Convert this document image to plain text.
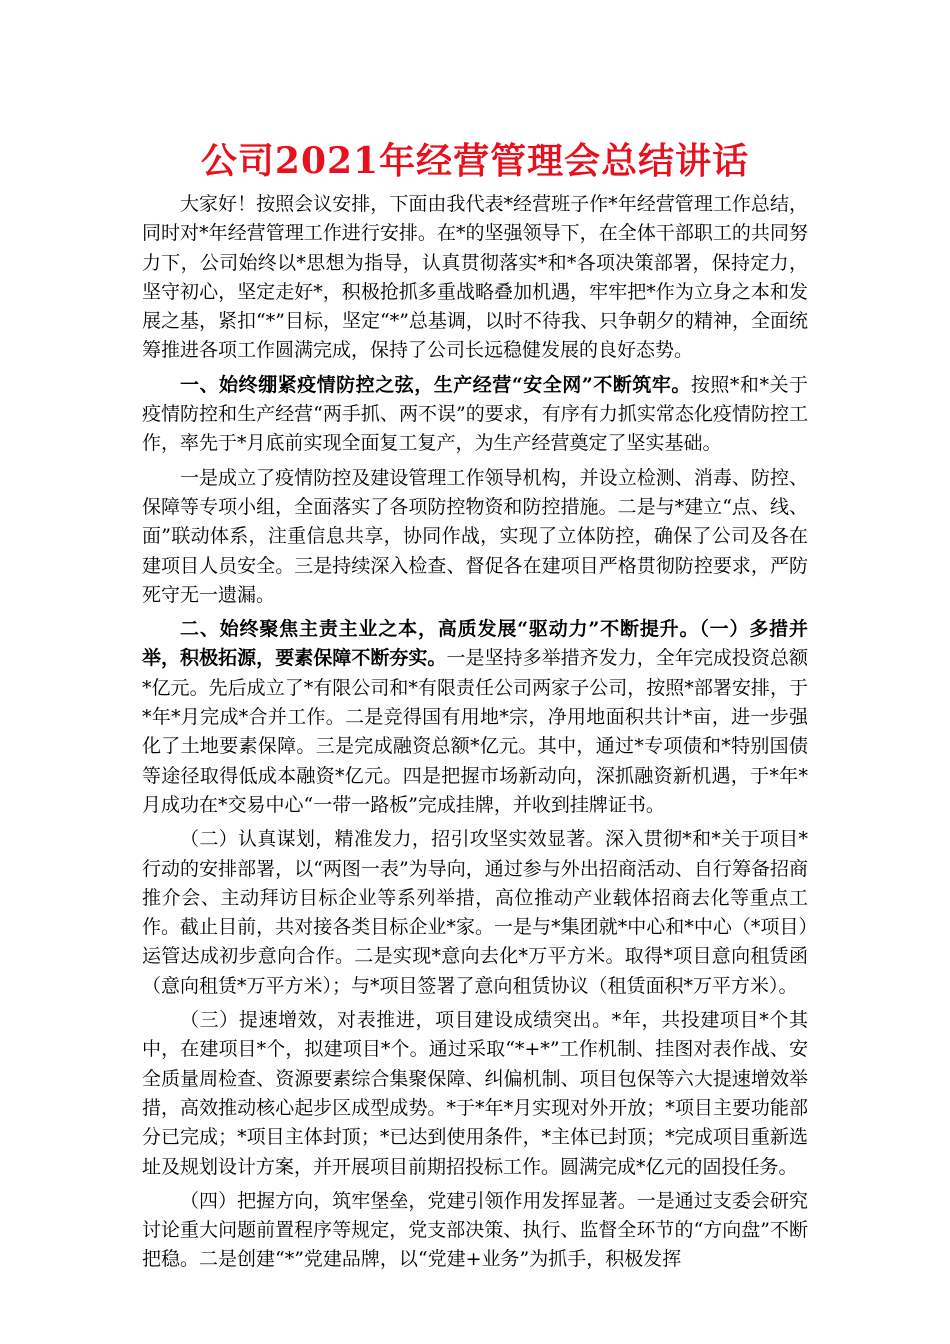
公司2021年经营管理会总结讲话

大家好！按照会议安排，下面由我代表*经营班子作*年经营管理工作总结，同时对*年经营管理工作进行安排。在*的坚强领导下，在全体干部职工的共同努力下，公司始终以*思想为指导，认真贯彻落实*和*各项决策部署，保持定力，坚守初心，坚定走好*，积极抢抓多重战略叠加机遇，牢牢把*作为立身之本和发展之基，紧扣“*”目标，坚定“*”总基调，以时不待我、只争朝夕的精神，全面统筹推进各项工作圆满完成，保持了公司长远稳健发展的良好态势。

一、始终绷紧疫情防控之弦，生产经营“安全网”不断筑牢。按照*和*关于疫情防控和生产经营“两手抓、两不误”的要求，有序有力抓实常态化疫情防控工作，率先于*月底前实现全面复工复产，为生产经营奠定了坚实基础。

一是成立了疫情防控及建设管理工作领导机构，并设立检测、消毒、防控、保障等专项小组，全面落实了各项防控物资和防控措施。二是与*建立“点、线、面”联动体系，注重信息共享，协同作战，实现了立体防控，确保了公司及各在建项目人员安全。三是持续深入检查、督促各在建项目严格贯彻防控要求，严防死守无一遗漏。

二、始终聚焦主责主业之本，高质发展“驱动力”不断提升。（一）多措并举，积极拓源，要素保障不断夯实。一是坚持多举措齐发力，全年完成投资总额*亿元。先后成立了*有限公司和*有限责任公司两家子公司，按照*部署安排，于*年*月完成*合并工作。二是竞得国有用地*宗，净用地面积共计*亩，进一步强化了土地要素保障。三是完成融资总额*亿元。其中，通过*专项债和*特别国债等途径取得低成本融资*亿元。四是把握市场新动向，深抓融资新机遇，于*年*月成功在*交易中心“一带一路板”完成挂牌，并收到挂牌证书。

（二）认真谋划，精准发力，招引攻坚实效显著。深入贯彻*和*关于项目*行动的安排部署，以“两图一表”为导向，通过参与外出招商活动、自行筹备招商推介会、主动拜访目标企业等系列举措，高位推动产业载体招商去化等重点工作。截止目前，共对接各类目标企业*家。一是与*集团就*中心和*中心（*项目）运管达成初步意向合作。二是实现*意向去化*万平方米。取得*项目意向租赁函（意向租赁*万平方米）；与*项目签署了意向租赁协议（租赁面积*万平方米）。

（三）提速增效，对表推进，项目建设成绩突出。*年，共投建项目*个其中，在建项目*个，拟建项目*个。通过采取“*+*”工作机制、挂图对表作战、安全质量周检查、资源要素综合集聚保障、纠偏机制、项目包保等六大提速增效举措，高效推动核心起步区成型成势。*于*年*月实现对外开放；*项目主要功能部分已完成；*项目主体封顶；*已达到使用条件，*主体已封顶；*完成项目重新选址及规划设计方案，并开展项目前期招投标工作。圆满完成*亿元的固投任务。

（四）把握方向，筑牢堡垒，党建引领作用发挥显著。一是通过支委会研究讨论重大问题前置程序等规定，党支部决策、执行、监督全环节的“方向盘”不断把稳。二是创建“*”党建品牌，以“党建+业务”为抓手，积极发挥
